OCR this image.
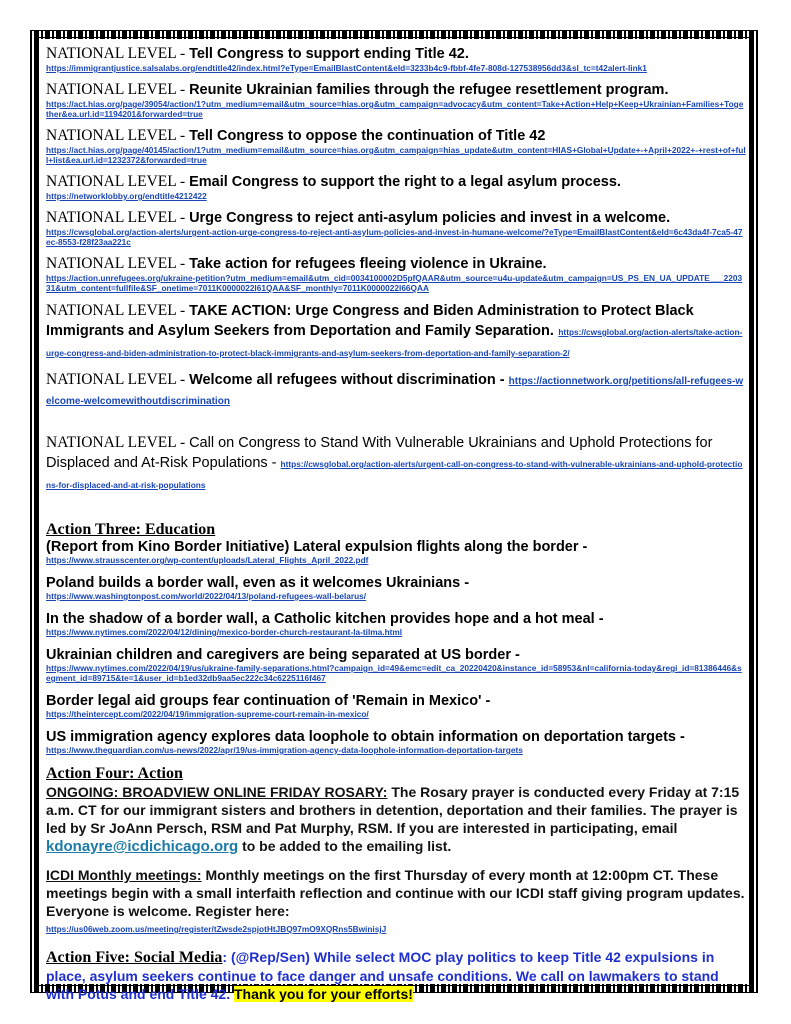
NATIONAL LEVEL - Tell Congress to support ending Title 42.
https://immigrantjustice.salsalabs.org/endtitle42/index.html?eType=EmailBlastContent&eId=3233b4c9-fbbf-4fe7-808d-127538956dd3&sl_tc=t42alert-link1
NATIONAL LEVEL - Reunite Ukrainian families through the refugee resettlement program.
https://act.hias.org/page/39054/action/1?utm_medium=email&utm_source=hias.org&utm_campaign=advocacy&utm_content=Take+Action+Help+Keep+Ukrainian+Families+Together&ea.url.id=1194201&forwarded=true
NATIONAL LEVEL - Tell Congress to oppose the continuation of Title 42
https://act.hias.org/page/40145/action/1?utm_medium=email&utm_source=hias.org&utm_campaign=hias_update&utm_content=HIAS+Global+Update+-+April+2022+-+rest+of+full+list&ea.url.id=1232372&forwarded=true
NATIONAL LEVEL - Email Congress to support the right to a legal asylum process.
https://networklobby.org/endtitle4212422
NATIONAL LEVEL - Urge Congress to reject anti-asylum policies and invest in a welcome.
https://cwsglobal.org/action-alerts/urgent-action-urge-congress-to-reject-anti-asylum-policies-and-invest-in-humane-welcome/?eType=EmailBlastContent&eId=6c43da4f-7ca5-47ec-8553-f28f23aa221c
NATIONAL LEVEL - Take action for refugees fleeing violence in Ukraine.
https://action.unrefugees.org/ukraine-petition?utm_medium=email&utm_cid=0034100002D5pfQAAR&utm_source=u4u-update&utm_campaign=US_PS_EN_UA_UPDATE___220331&utm_content=fullfile&SF_onetime=7011K0000022l61QAA&SF_monthly=7011K0000022l66QAA
NATIONAL LEVEL - TAKE ACTION: Urge Congress and Biden Administration to Protect Black Immigrants and Asylum Seekers from Deportation and Family Separation. https://cwsglobal.org/action-alerts/take-action-urge-congress-and-biden-administration-to-protect-black-immigrants-and-asylum-seekers-from-deportation-and-family-separation-2/
NATIONAL LEVEL - Welcome all refugees without discrimination - https://actionnetwork.org/petitions/all-refugees-welcome-welcomewithoutdiscrimination
NATIONAL LEVEL - Call on Congress to Stand With Vulnerable Ukrainians and Uphold Protections for Displaced and At-Risk Populations - https://cwsglobal.org/action-alerts/urgent-call-on-congress-to-stand-with-vulnerable-ukrainians-and-uphold-protections-for-displaced-and-at-risk-populations
Action Three: Education
(Report from Kino Border Initiative) Lateral expulsion flights along the border -
https://www.strausscenter.org/wp-content/uploads/Lateral_Flights_April_2022.pdf
Poland builds a border wall, even as it welcomes Ukrainians -
https://www.washingtonpost.com/world/2022/04/13/poland-refugees-wall-belarus/
In the shadow of a border wall, a Catholic kitchen provides hope and a hot meal -
https://www.nytimes.com/2022/04/12/dining/mexico-border-church-restaurant-la-tilma.html
Ukrainian children and caregivers are being separated at US border -
https://www.nytimes.com/2022/04/19/us/ukraine-family-separations.html?campaign_id=49&emc=edit_ca_20220420&instance_id=58953&nl=california-today&regi_id=81386446&segment_id=89715&te=1&user_id=b1ed32db9aa5ec222c34c6225116f467
Border legal aid groups fear continuation of 'Remain in Mexico' -
https://theintercept.com/2022/04/19/immigration-supreme-court-remain-in-mexico/
US immigration agency explores data loophole to obtain information on deportation targets -
https://www.theguardian.com/us-news/2022/apr/19/us-immigration-agency-data-loophole-information-deportation-targets
Action Four: Action
ONGOING: BROADVIEW ONLINE FRIDAY ROSARY: The Rosary prayer is conducted every Friday at 7:15 a.m. CT for our immigrant sisters and brothers in detention, deportation and their families. The prayer is led by Sr JoAnn Persch, RSM and Pat Murphy, RSM. If you are interested in participating, email kdonayre@icdichicago.org to be added to the emailing list.
ICDI Monthly meetings: Monthly meetings on the first Thursday of every month at 12:00pm CT. These meetings begin with a small interfaith reflection and continue with our ICDI staff giving program updates. Everyone is welcome. Register here:
https://us06web.zoom.us/meeting/register/tZwsde2spjotHtJBQ97mO9XQRns5BwinisjJ
Action Five: Social Media: (@Rep/Sen) While select MOC play politics to keep Title 42 expulsions in place, asylum seekers continue to face danger and unsafe conditions. We call on lawmakers to stand with Potus and end Title 42. Thank you for your efforts!
